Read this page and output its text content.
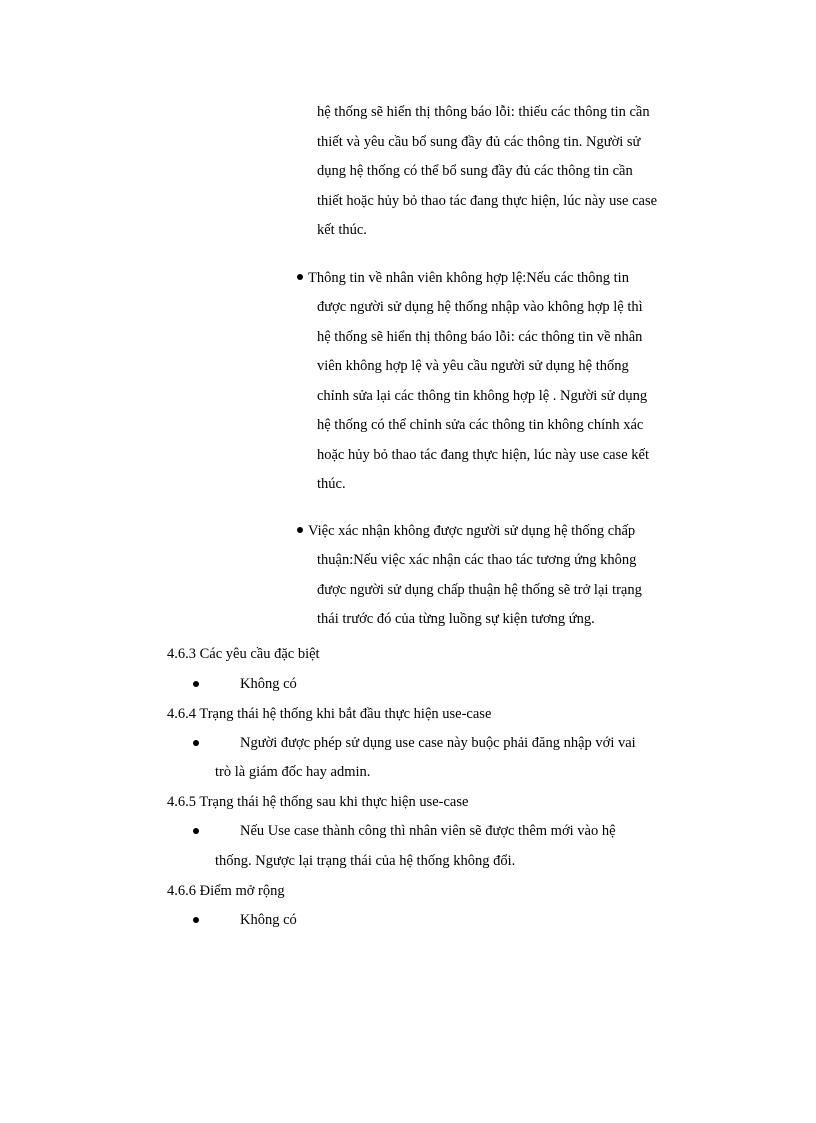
hệ thống sẽ hiển thị thông báo lỗi: thiếu các thông tin cần

thiết và yêu cầu bổ sung đầy đủ các thông tin. Người sử

dụng hệ thống có thể bổ sung đầy đủ các thông tin cần

thiết hoặc hủy bỏ thao tác đang thực hiện, lúc này use case

kết thúc.

Thông tin về nhân viên không hợp lệ:Nếu các thông tin

được người sử dụng hệ thống nhập vào không hợp lệ thì

hệ thống sẽ hiển thị thông báo lỗi: các thông tin về nhân

viên không hợp lệ và yêu cầu người sử dụng hệ thống

chỉnh sửa lại các thông tin không hợp lệ . Người sử dụng

hệ thống có thể chỉnh sửa các thông tin không chính xác

hoặc hủy bỏ thao tác đang thực hiện, lúc này use case kết

thúc.

Việc xác nhận không được người sử dụng hệ thống chấp

thuận:Nếu việc xác nhận các thao tác tương ứng không

được người sử dụng chấp thuận hệ thống sẽ trở lại trạng

thái trước đó của từng luồng sự kiện tương ứng.

4.6.3 Các yêu cầu đặc biệt
Không có
4.6.4 Trạng thái hệ thống khi bắt đầu thực hiện use-case
Người được phép sử dụng use case này buộc phải đăng nhập với vai
trò là giám đốc hay admin.
4.6.5 Trạng thái hệ thống sau khi thực hiện use-case
Nếu Use case thành công thì nhân viên sẽ được thêm mới vào hệ
thống. Ngược lại trạng thái của hệ thống không đổi.
4.6.6 Điểm mở rộng
Không có
